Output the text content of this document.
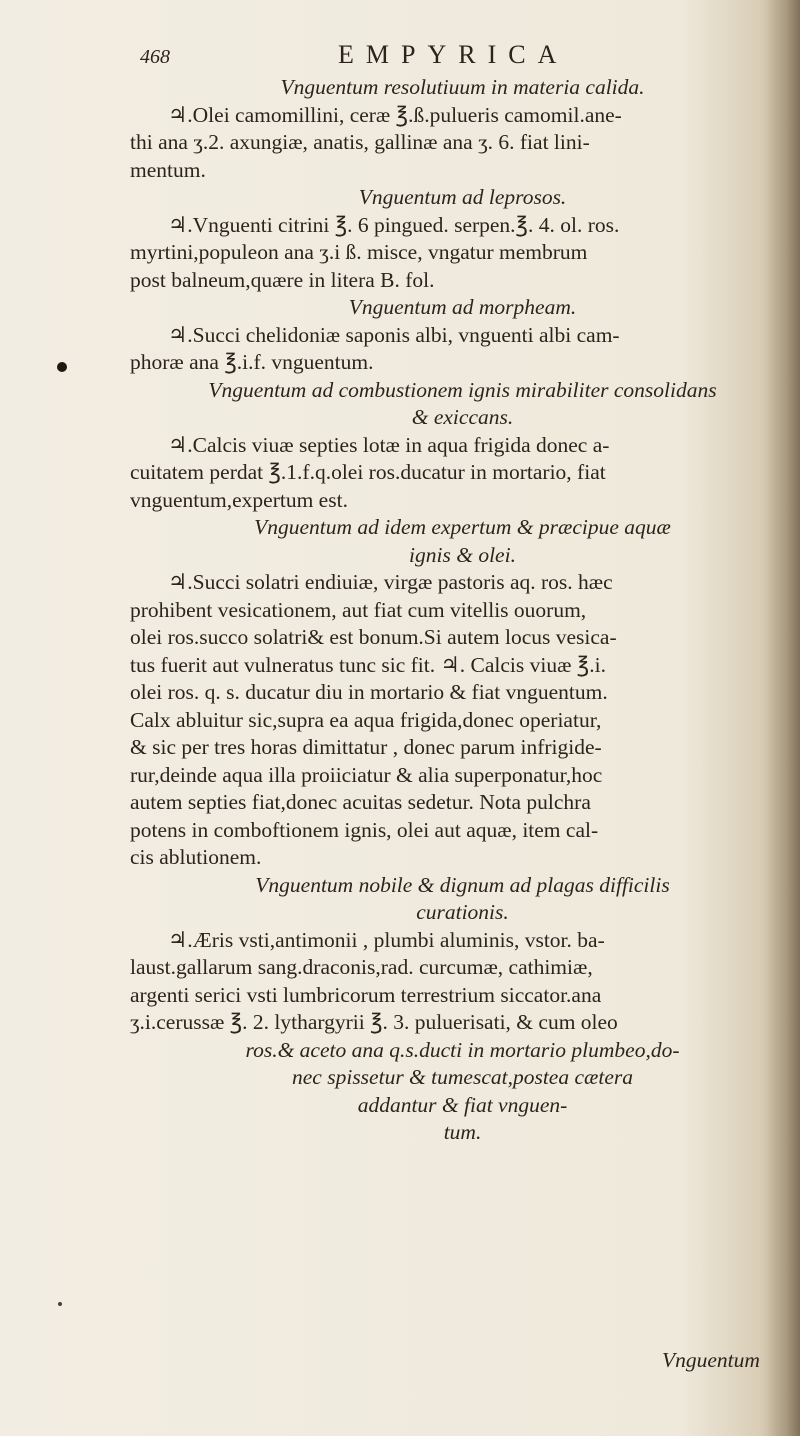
468	EMPYRICA
Vnguentum resolutiuum in materia calida.
♃.Olei camomillini, ceræ ℥.ß.pulueris camomil.ane-
thi ana ʒ.2. axungiæ, anatis, gallinæ ana ʒ. 6. fiat lini-
mentum.
Vnguentum ad leprosos.
♃.Vnguenti citrini ℥. 6 pingued. serpen.℥. 4. ol. ros.
myrtini,populeon ana ʒ.i ß. misce, vngatur membrum
post balneum,quære in litera B. fol.
Vnguentum ad morpheam.
♃.Succi chelidoniæ saponis albi, vnguenti albi cam-
phoræ ana ℥.i.f. vnguentum.
Vnguentum ad combustionem ignis mirabiliter consolidans
& exiccans.
♃.Calcis viuæ septies lotæ in aqua frigida donec a-
cuitatem perdat ℥.1.f.q.olei ros.ducatur in mortario, fiat
vnguentum,expertum est.
Vnguentum ad idem expertum & præcipue aquæ
ignis & olei.
♃.Succi solatri endiuiæ, virgæ pastoris aq. ros. hæc
prohibent vesicationem, aut fiat cum vitellis ouorum,
olei ros.succo solatri& est bonum.Si autem locus vesica-
tus fuerit aut vulneratus tunc sic fit. ♃. Calcis viuæ ℥.i.
olei ros. q. s. ducatur diu in mortario & fiat vnguentum.
Calx abluitur sic,supra ea aqua frigida,donec operiatur,
& sic per tres horas dimittatur , donec parum infrigide-
rur,deinde aqua illa proiiciatur & alia superponatur,hoc
autem septies fiat,donec acuitas sedetur. Nota pulchra
potens in comboftionem ignis, olei aut aquæ, item cal-
cis ablutionem.
Vnguentum nobile & dignum ad plagas difficilis
curationis.
♃.Æris vsti,antimonii , plumbi aluminis, vstor. ba-
laust.gallarum sang.draconis,rad. curcumæ, cathimiæ,
argenti serici vsti lumbricorum terrestrium siccator.ana
ʒ.i.cerussæ ℥. 2. lythargyrii ℥. 3. puluerisati, & cum oleo
ros.& aceto ana q.s.ducti in mortario plumbeo,do-
nec spissetur & tumescat,postea cætera
addantur & fiat vnguen-
tum.
Vnguentum
